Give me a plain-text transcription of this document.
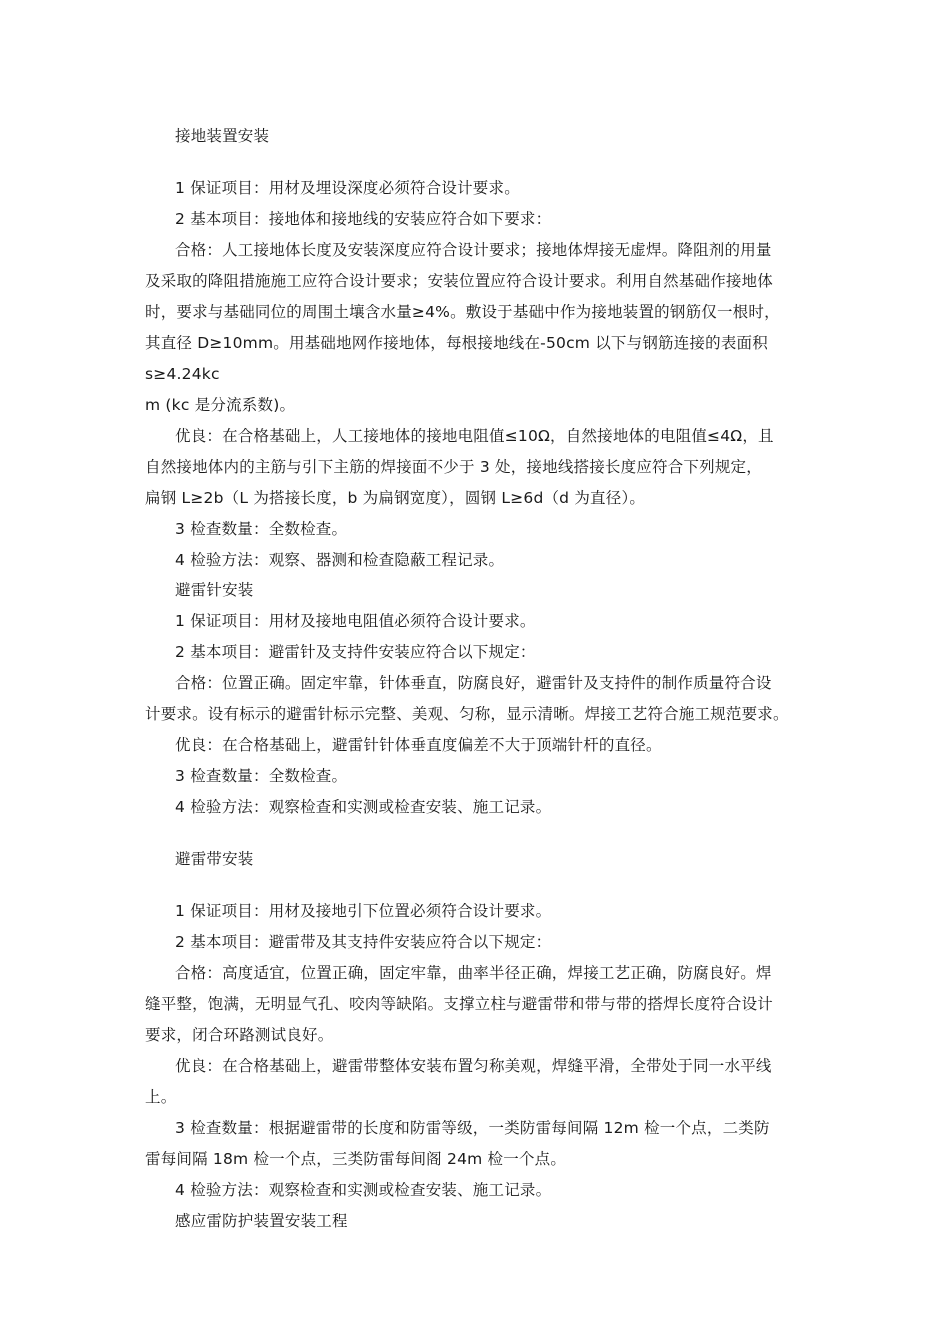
接地装置安装
1 保证项目：用材及埋设深度必须符合设计要求。
2 基本项目：接地体和接地线的安装应符合如下要求：
合格：人工接地体长度及安装深度应符合设计要求；接地体焊接无虚焊。降阻剂的用量
及采取的降阻措施施工应符合设计要求；安装位置应符合设计要求。利用自然基础作接地体
时，要求与基础同位的周围土壤含水量≥4%。敷设于基础中作为接地装置的钢筋仅一根时，
其直径 D≥10mm。用基础地网作接地体，每根接地线在-50cm 以下与钢筋连接的表面积
s≥4.24kc
m (kc 是分流系数)。
优良：在合格基础上，人工接地体的接地电阻值≤10Ω，自然接地体的电阻值≤4Ω，且
自然接地体内的主筋与引下主筋的焊接面不少于 3 处，接地线搭接长度应符合下列规定，
扁钢 L≥2b（L 为搭接长度，b 为扁钢宽度），圆钢 L≥6d（d 为直径）。
3 检查数量：全数检查。
4 检验方法：观察、器测和检查隐蔽工程记录。
避雷针安装
1 保证项目：用材及接地电阻值必须符合设计要求。
2 基本项目：避雷针及支持件安装应符合以下规定：
合格：位置正确。固定牢靠，针体垂直，防腐良好，避雷针及支持件的制作质量符合设
计要求。设有标示的避雷针标示完整、美观、匀称，显示清晰。焊接工艺符合施工规范要求。
优良：在合格基础上，避雷针针体垂直度偏差不大于顶端针杆的直径。
3 检查数量：全数检查。
4 检验方法：观察检查和实测或检查安装、施工记录。
避雷带安装
1 保证项目：用材及接地引下位置必须符合设计要求。
2 基本项目：避雷带及其支持件安装应符合以下规定：
合格：高度适宜，位置正确，固定牢靠，曲率半径正确，焊接工艺正确，防腐良好。焊
缝平整，饱满，无明显气孔、咬肉等缺陷。支撑立柱与避雷带和带与带的搭焊长度符合设计
要求，闭合环路测试良好。
优良：在合格基础上，避雷带整体安装布置匀称美观，焊缝平滑，全带处于同一水平线
上。
3 检查数量：根据避雷带的长度和防雷等级，一类防雷每间隔 12m 检一个点，二类防
雷每间隔 18m 检一个点，三类防雷每间阁 24m 检一个点。
4 检验方法：观察检查和实测或检查安装、施工记录。
感应雷防护装置安装工程
